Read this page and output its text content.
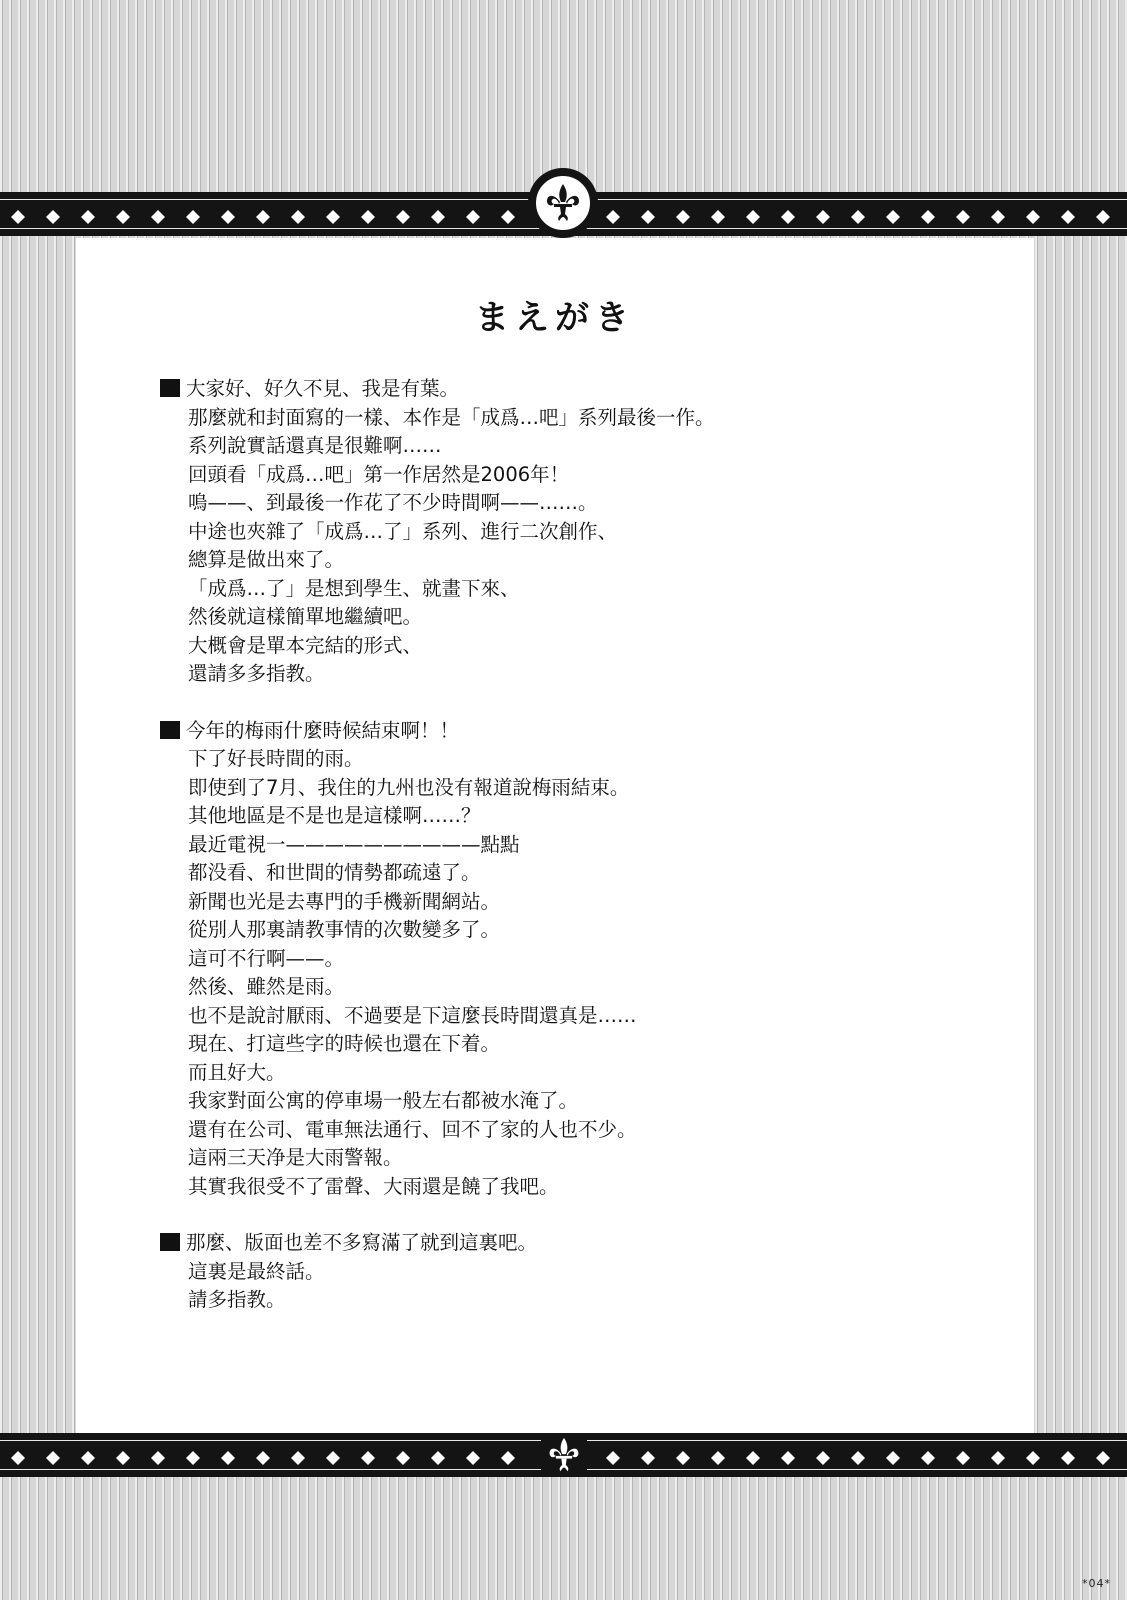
まえがき
大家好、好久不見、我是有葉。
那麼就和封面寫的一樣、本作是「成爲…吧」系列最後一作。
系列說實話還真是很難啊……
回頭看「成爲…吧」第一作居然是2006年！
嗚——、到最後一作花了不少時間啊——……。
中途也夾雜了「成爲…了」系列、進行二次創作、
總算是做出來了。
「成爲…了」是想到學生、就畫下來、
然後就這樣簡單地繼續吧。
大概會是單本完結的形式、
還請多多指教。
今年的梅雨什麼時候結束啊！！
下了好長時間的雨。
即使到了7月、我住的九州也没有報道說梅雨結束。
其他地區是不是也是這樣啊……？
最近電視一——————————點點
都没看、和世間的情勢都疏遠了。
新聞也光是去專門的手機新聞網站。
從別人那裏請教事情的次數變多了。
這可不行啊——。
然後、雖然是雨。
也不是說討厭雨、不過要是下這麼長時間還真是……
現在、打這些字的時候也還在下着。
而且好大。
我家對面公寓的停車場一般左右都被水淹了。
還有在公司、電車無法通行、回不了家的人也不少。
這兩三天净是大雨警報。
其實我很受不了雷聲、大雨還是饒了我吧。
那麼、版面也差不多寫滿了就到這裏吧。
這裏是最終話。
請多指教。
*04*
